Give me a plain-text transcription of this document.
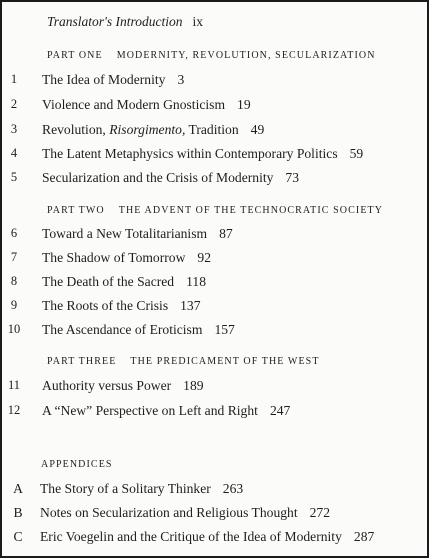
Translator's Introduction ix
PART ONE MODERNITY, REVOLUTION, SECULARIZATION
1	The Idea of Modernity 3
2	Violence and Modern Gnosticism 19
3	Revolution, Risorgimento, Tradition 49
4	The Latent Metaphysics within Contemporary Politics 59
5	Secularization and the Crisis of Modernity 73
PART TWO THE ADVENT OF THE TECHNOCRATIC SOCIETY
6	Toward a New Totalitarianism 87
7	The Shadow of Tomorrow 92
8	The Death of the Sacred 118
9	The Roots of the Crisis 137
10	The Ascendance of Eroticism 157
PART THREE THE PREDICAMENT OF THE WEST
11	Authority versus Power 189
12	A “New” Perspective on Left and Right 247
APPENDICES
A	The Story of a Solitary Thinker 263
B	Notes on Secularization and Religious Thought 272
C	Eric Voegelin and the Critique of the Idea of Modernity 287
